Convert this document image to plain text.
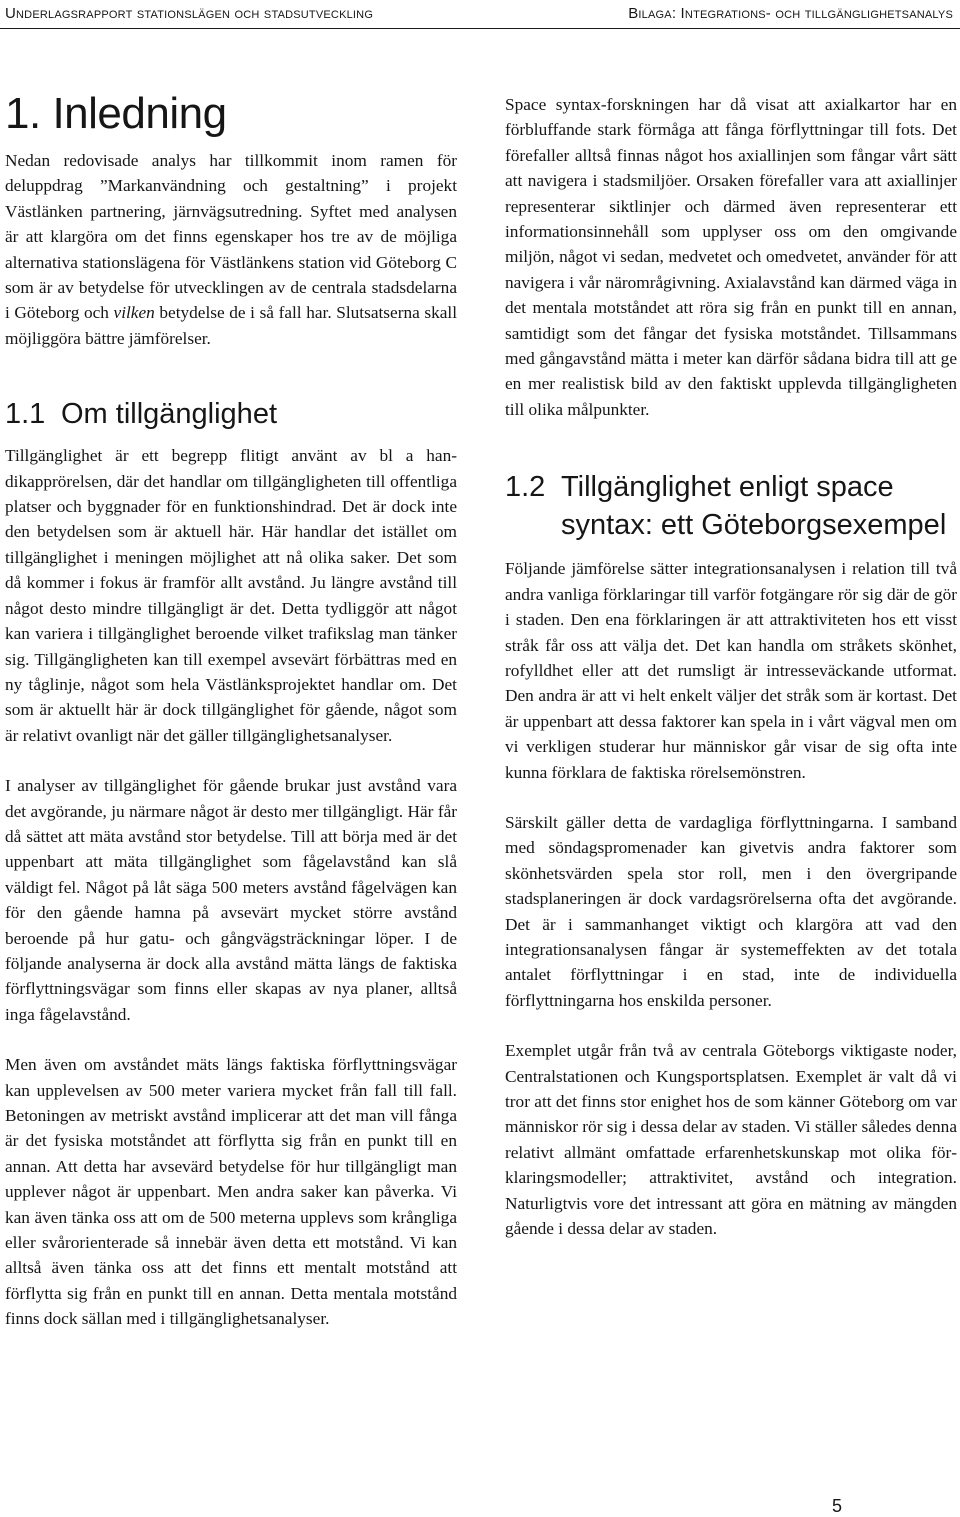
Underlagsrapport stationslägen och stadsutveckling	Bilaga: Integrations- och tillgänglighetsanalys
1. Inledning

Nedan redovisade analys har tillkommit inom ramen för deluppdrag ”Markanvändning och gestaltning” i projekt Västlänken partnering, järnvägsutredning. Syftet med analysen är att klargöra om det finns egenskaper hos tre av de möjliga alternativa stationslägena för Västlänkens station vid Göteborg C som är av betydelse för utvecklingen av de centrala stadsdelarna i Göteborg och vilken betydelse de i så fall har. Slutsatserna skall möjliggöra bättre jämförelser.

1.1 Om tillgänglighet

Tillgänglighet är ett begrepp flitigt använt av bl a handikapprörelsen, där det handlar om tillgängligheten till offentliga platser och byggnader för en funktionshindrad. Det är dock inte den betydelsen som är aktuell här. Här handlar det istället om tillgänglighet i meningen möjlighet att nå olika saker. Det som då kommer i fokus är framför allt avstånd. Ju längre avstånd till något desto mindre tillgängligt är det. Detta tydliggör att något kan variera i tillgänglighet beroende vilket trafikslag man tänker sig. Tillgängligheten kan till exempel avsevärt förbättras med en ny tåglinje, något som hela Västlänksprojektet handlar om. Det som är aktuellt här är dock tillgänglighet för gående, något som är relativt ovanligt när det gäller tillgänglighetsanalyser.

I analyser av tillgänglighet för gående brukar just avstånd vara det avgörande, ju närmare något är desto mer tillgängligt. Här får då sättet att mäta avstånd stor betydelse. Till att börja med är det uppenbart att mäta tillgänglighet som fågelavstånd kan slå väldigt fel. Något på låt säga 500 meters avstånd fågelvägen kan för den gående hamna på avsevärt mycket större avstånd beroende på hur gatu- och gångvägsträckningar löper. I de följande analyserna är dock alla avstånd mätta längs de faktiska förflyttningsvägar som finns eller skapas av nya planer, alltså inga fågelavstånd.

Men även om avståndet mäts längs faktiska förflyttningsvägar kan upplevelsen av 500 meter variera mycket från fall till fall. Betoningen av metriskt avstånd implicerar att det man vill fånga är det fysiska motståndet att förflytta sig från en punkt till en annan. Att detta har avsevärd betydelse för hur tillgängligt man upplever något är uppenbart. Men andra saker kan påverka. Vi kan även tänka oss att om de 500 meterna upplevs som krångliga eller svårorienterade så innebär även detta ett motstånd. Vi kan alltså även tänka oss att det finns ett mentalt motstånd att förflytta sig från en punkt till en annan. Detta mentala motstånd finns dock sällan med i tillgänglighetsanalyser.

Space syntax-forskningen har då visat att axialkartor har en förbluffande stark förmåga att fånga förflyttningar till fots. Det förefaller alltså finnas något hos axiallinjen som fångar vårt sätt att navigera i stadsmiljöer. Orsaken förefaller vara att axiallinjer representerar siktlinjer och därmed även representerar ett informationsinnehåll som upplyser oss om den omgivande miljön, något vi sedan, medvetet och omedvetet, använder för att navigera i vår närområgivning. Axialavstånd kan därmed väga in det mentala motståndet att röra sig från en punkt till en annan, samtidigt som det fångar det fysiska motståndet. Tillsammans med gångavstånd mätta i meter kan därför sådana bidra till att ge en mer realistisk bild av den faktiskt upplevda tillgängligheten till olika målpunkter.

1.2 Tillgänglighet enligt space syntax: ett Göteborgsexempel

Följande jämförelse sätter integrationsanalysen i relation till två andra vanliga förklaringar till varför fotgängare rör sig där de gör i staden. Den ena förklaringen är att attraktiviteten hos ett visst stråk får oss att välja det. Det kan handla om stråkets skönhet, rofylldhet eller att det rumsligt är intresseväckande utformat. Den andra är att vi helt enkelt väljer det stråk som är kortast. Det är uppenbart att dessa faktorer kan spela in i vårt vägval men om vi verkligen studerar hur människor går visar de sig ofta inte kunna förklara de faktiska rörelsemönstren.

Särskilt gäller detta de vardagliga förflyttningarna. I samband med söndagspromenader kan givetvis andra faktorer som skönhetsvärden spela stor roll, men i den övergripande stadsplaneringen är dock vardagsrörelserna ofta det avgörande. Det är i sammanhanget viktigt och klargöra att vad den integrationsanalysen fångar är systemeffekten av det totala antalet förflyttningar i en stad, inte de individuella förflyttningarna hos enskilda personer.

Exemplet utgår från två av centrala Göteborgs viktigaste noder, Centralstationen och Kungsportsplatsen. Exemplet är valt då vi tror att det finns stor enighet hos de som känner Göteborg om var människor rör sig i dessa delar av staden. Vi ställer således denna relativt allmänt omfattade erfarenhetskunskap mot olika förklaringsmodeller; attraktivitet, avstånd och integration. Naturligtvis vore det intressant att göra en mätning av mängden gående i dessa delar av staden.

5
